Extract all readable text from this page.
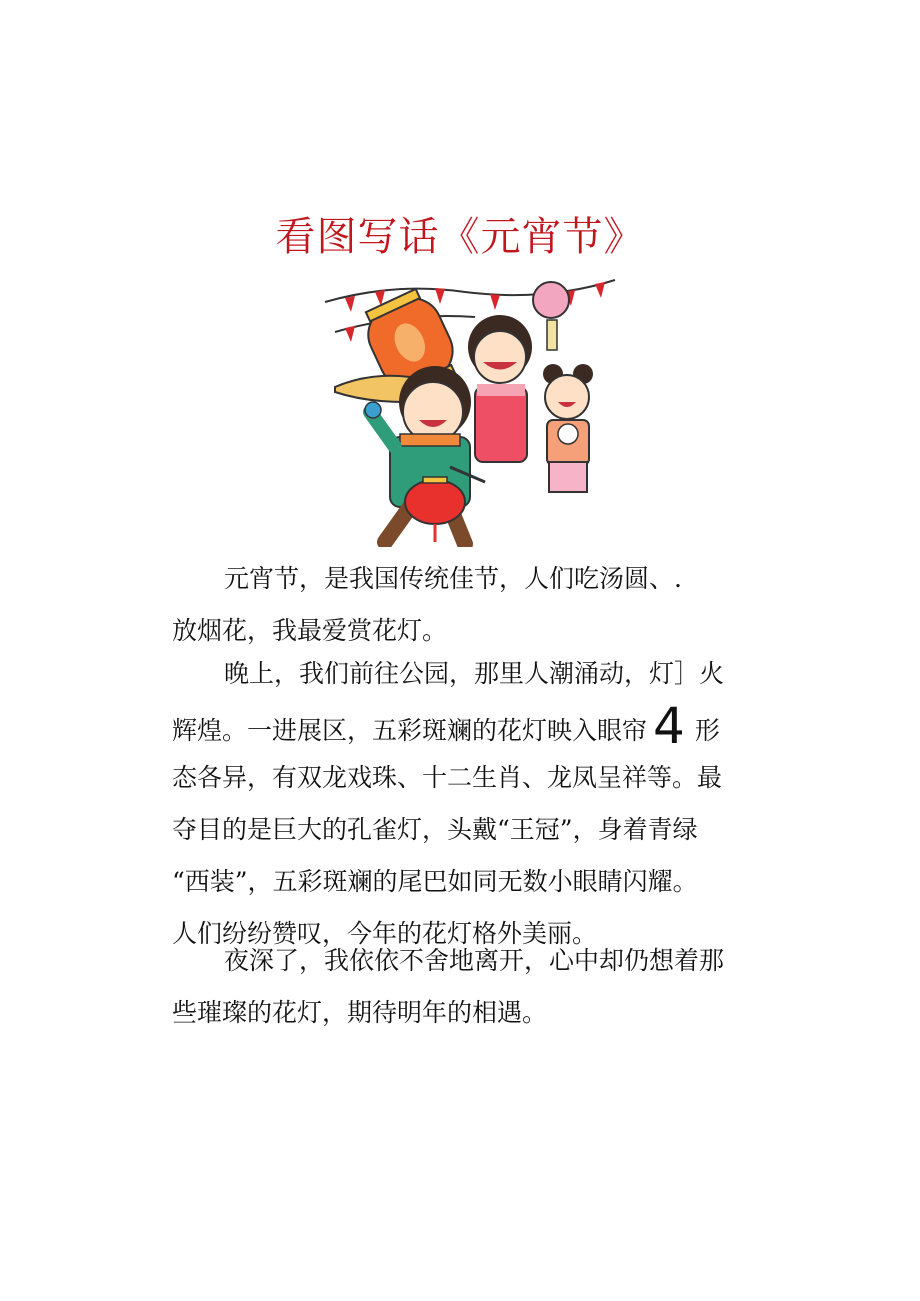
看图写话《元宵节》
元宵节，是我国传统佳节，人们吃汤圆、.
放烟花，我最爱赏花灯。
晚上，我们前往公园，那里人潮涌动，灯］火
辉煌。一进展区，五彩斑斓的花灯映入眼帘 4 形
态各异，有双龙戏珠、十二生肖、龙凤呈祥等。最
夺目的是巨大的孔雀灯，头戴“王冠”，身着青绿
“西装”，五彩斑斓的尾巴如同无数小眼睛闪耀。
人们纷纷赞叹，今年的花灯格外美丽。
夜深了，我依依不舍地离开，心中却仍想着那
些璀璨的花灯，期待明年的相遇。
